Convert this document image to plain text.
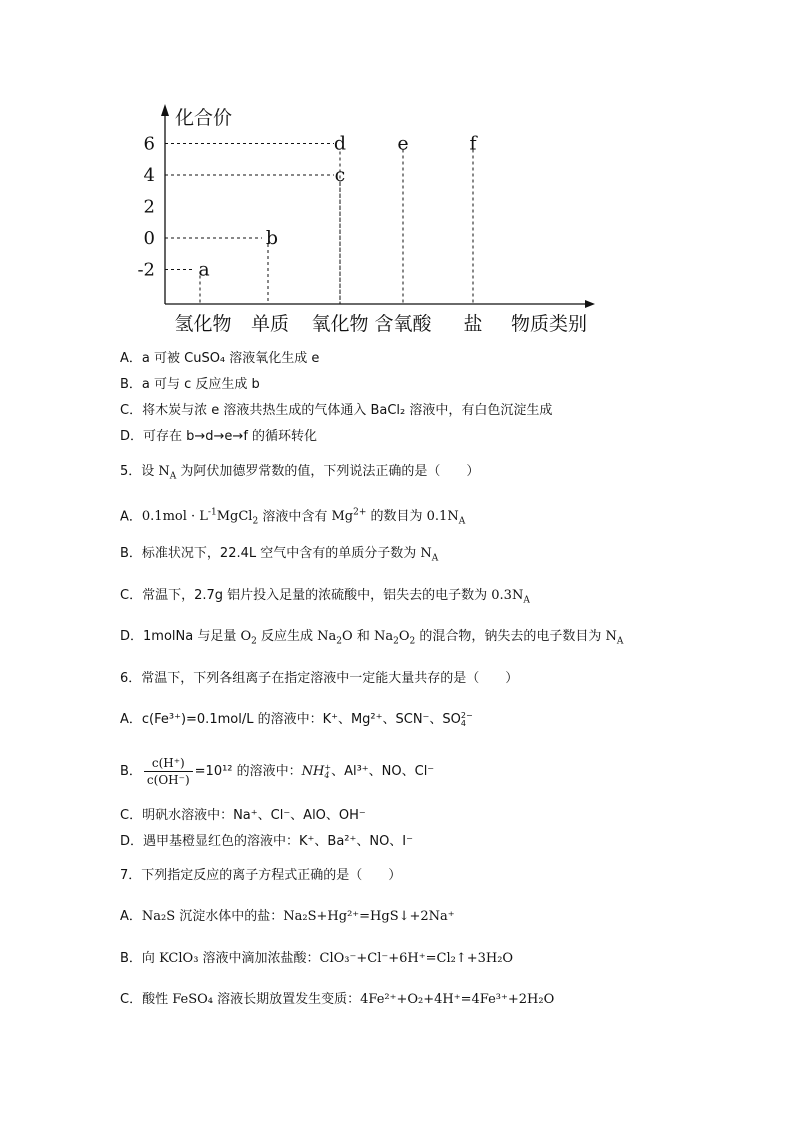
化合价
物质类别
6
4
2
0
-2
氢化物 单质 氧化物 含氧酸 盐
a
b
c
d	e	f
A．a 可被 CuSO₄ 溶液氧化生成 e
B．a 可与 c 反应生成 b
C．将木炭与浓 e 溶液共热生成的气体通入 BaCl₂ 溶液中，有白色沉淀生成
D．可存在 b→d→e→f 的循环转化
5．设 $N_A$ 为阿伏加德罗常数的值，下列说法正确的是（　　）
A．$0.1mol \cdot L^{-1}MgCl_2$ 溶液中含有 $Mg^{2+}$ 的数目为 $0.1N_A$
B．标准状况下，22.4L 空气中含有的单质分子数为 $N_A$
C．常温下，2.7g 铝片投入足量的浓硫酸中，铝失去的电子数为 $0.3N_A$
D．1molNa 与足量 $O_2$ 反应生成 $Na_2O$ 和 $Na_2O_2$ 的混合物，钠失去的电子数目为 $N_A$
6．常温下，下列各组离子在指定溶液中一定能大量共存的是（　　）
A．c(Fe³⁺)=0.1mol/L 的溶液中：K⁺、Mg²⁺、SCN⁻、SO 2−
4
B． $\frac{c(H^+)}{c(OH^-)} =10^{12}$ 的溶液中：NH +
4 、Al³⁺、NO、Cl⁻
C．明矾水溶液中：Na⁺、Cl⁻、AlO、OH⁻
D．遇甲基橙显红色的溶液中：K⁺、Ba²⁺、NO、I⁻
7．下列指定反应的离子方程式正确的是（　　）
A．Na₂S 沉淀水体中的盐：Na₂S+Hg²⁺=HgS↓+2Na⁺
B．向 KClO₃ 溶液中滴加浓盐酸：ClO₃⁻+Cl⁻+6H⁺=Cl₂↑+3H₂O
C．酸性 FeSO₄ 溶液长期放置发生变质：4Fe²⁺+O₂+4H⁺=4Fe³⁺+2H₂O
